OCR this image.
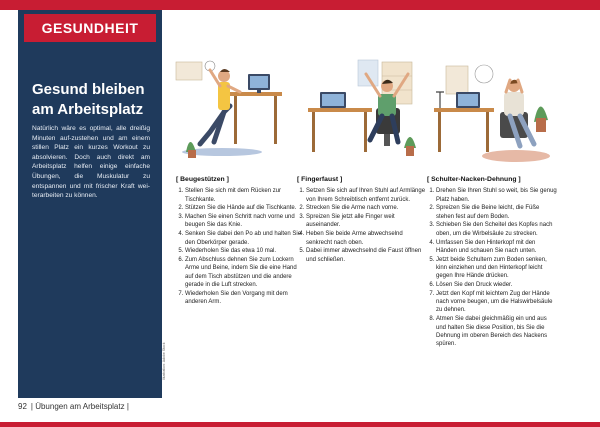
GESUNDHEIT
Gesund bleiben
am Arbeitsplatz
Natürlich wäre es optimal, alle dreißig Minuten auf-zustehen und am einem stillen Platz ein kurzes Workout zu absolvieren. Doch auch direkt am Arbeitsplatz helfen einige einfache Übungen, die Muskulatur zu entspannen und mit frischer Kraft wei-terarbeiten zu können.
[ Beugestützen ]
1. Stellen Sie sich mit dem Rücken zur Tischkante.
2. Stützen Sie die Hände auf die Tischkante.
3. Machen Sie einen Schritt nach vorne und beugen Sie das Knie.
4. Senken Sie dabei den Po ab und halten Sie den Oberkörper gerade.
5. Wiederholen Sie das etwa 10 mal.
6. Zum Abschluss dehnen Sie zum Lockern Arme und Beine, indem Sie die eine Hand auf dem Tisch abstützen und die andere gerade in die Luft strecken.
7. Wiederholen Sie den Vorgang mit dem anderen Arm.
[ Fingerfaust ]
1. Setzen Sie sich auf Ihren Stuhl auf Armlänge von Ihrem Schreibtisch entfernt zurück.
2. Strecken Sie die Arme nach vorne.
3. Spreizen Sie jetzt alle Finger weit auseinander.
4. Heben Sie beide Arme abwechselnd senkrecht nach oben.
5. Dabei immer abwechselnd die Faust öffnen und schließen.
[ Schulter-Nacken-Dehnung ]
1. Drehen Sie Ihren Stuhl so weit, bis Sie genug Platz haben.
2. Spreizen Sie die Beine leicht, die Füße stehen fest auf dem Boden.
3. Schieben Sie den Scheitel des Kopfes nach oben, um die Wirbelsäule zu strecken.
4. Umfassen Sie den Hinterkopf mit den Händen und schauen Sie nach unten.
5. Jetzt beide Schultern zum Boden senken, kinn einziehen und den Hinterkopf leicht gegen Ihre Hände drücken.
6. Lösen Sie den Druck wieder.
7. Jetzt den Kopf mit leichtem Zug der Hände nach vorne beugen, um die Halswirbelsäule zu dehnen.
8. Atmen Sie dabei gleichmäßig ein und aus und halten Sie diese Position, bis Sie die Dehnung im oberen Bereich des Nackens spüren.
Illustration: Adobe Stock
92 | Übungen am Arbeitsplatz |
